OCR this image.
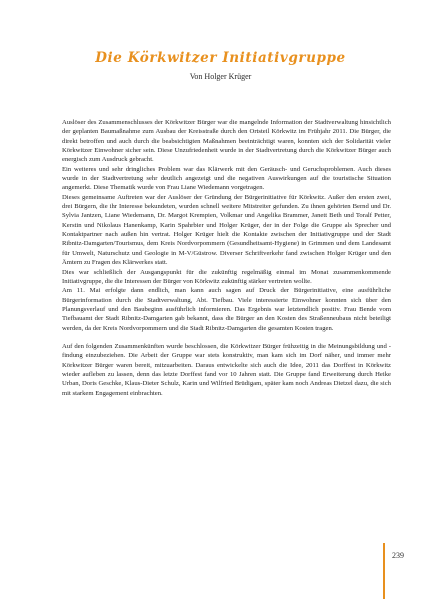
Die Körkwitzer Initiativgruppe
Von Holger Krüger

Auslöser des Zusammenschlusses der Körkwitzer Bürger war die mangelnde Information der Stadtverwaltung hinsichtlich der geplanten Baumaßnahme zum Ausbau der Kreisstraße durch den Ortsteil Körkwitz im Frühjahr 2011. Die Bürger, die direkt betroffen und auch durch die beabsichtigten Maßnahmen beeinträchtigt waren, konnten sich der Solidarität vieler Körkwitzer Einwohner sicher sein. Diese Unzufriedenheit wurde in der Stadtvertretung durch die Körkwitzer Bürger auch energisch zum Ausdruck gebracht.

Ein weiteres und sehr dringliches Problem war das Klärwerk mit den Geräusch- und Geruchsproblemen. Auch dieses wurde in der Stadtvertretung sehr deutlich angezeigt und die negativen Auswirkungen auf die touristische Situation angemerkt. Diese Thematik wurde von Frau Liane Wiedemann vorgetragen.

Dieses gemeinsame Auftreten war der Auslöser der Gründung der Bürgerinitiative für Körkwitz. Außer den ersten zwei, drei Bürgern, die ihr Interesse bekundeten, wurden schnell weitere Mitstreiter gefunden. Zu ihnen gehörten Bernd und Dr. Sylvia Jantzen, Liane Wiedemann, Dr. Margot Krempien, Volkmar und Angelika Brammer, Janett Beth und Toralf Petter, Kerstin und Nikolaus Hanenkamp, Karin Spahrbier und Holger Krüger, der in der Folge die Gruppe als Sprecher und Kontaktpartner nach außen hin vertrat. Holger Krüger hielt die Kontakte zwischen der Initiativgruppe und der Stadt Ribnitz-Damgarten/Tourismus, dem Kreis Nordvorpommern (Gesundheitsamt-Hygiene) in Grimmen und dem Landesamt für Umwelt, Naturschutz und Geologie in M-V/Güstrow. Diverser Schriftverkehr fand zwischen Holger Krüger und den Ämtern zu Fragen des Klärwerkes statt.

Dies war schließlich der Ausgangspunkt für die zukünftig regelmäßig einmal im Monat zusammenkommende Initiativgruppe, die die Interessen der Bürger von Körkwitz zukünftig stärker vertreten wollte.

Am 11. Mai erfolgte dann endlich, man kann auch sagen auf Druck der Bürgerinitiative, eine ausführliche Bürgerinformation durch die Stadtverwaltung, Abt. Tiefbau. Viele interessierte Einwohner konnten sich über den Planungsverlauf und den Baubeginn ausführlich informieren. Das Ergebnis war letztendlich positiv. Frau Bende vom Tiefbauamt der Stadt Ribnitz-Damgarten gab bekannt, dass die Bürger an den Kosten des Straßenneubaus nicht beteiligt werden, da der Kreis Nordvorpommern und die Stadt Ribnitz-Damgarten die gesamten Kosten tragen.

Auf den folgenden Zusammenkünften wurde beschlossen, die Körkwitzer Bürger frühzeitig in die Meinungsbildung und -findung einzubeziehen. Die Arbeit der Gruppe war stets konstruktiv, man kam sich im Dorf näher, und immer mehr Körkwitzer Bürger waren bereit, mitzuarbeiten. Daraus entwickelte sich auch die Idee, 2011 das Dorffest in Körkwitz wieder aufleben zu lassen, denn das letzte Dorffest fand vor 10 Jahren statt. Die Gruppe fand Erweiterung durch Heike Urban, Doris Geschke, Klaus-Dieter Schulz, Karin und Wilfried Brüdigam, später kam noch Andreas Dietzel dazu, die sich mit starkem Engagement einbrachten.

239
